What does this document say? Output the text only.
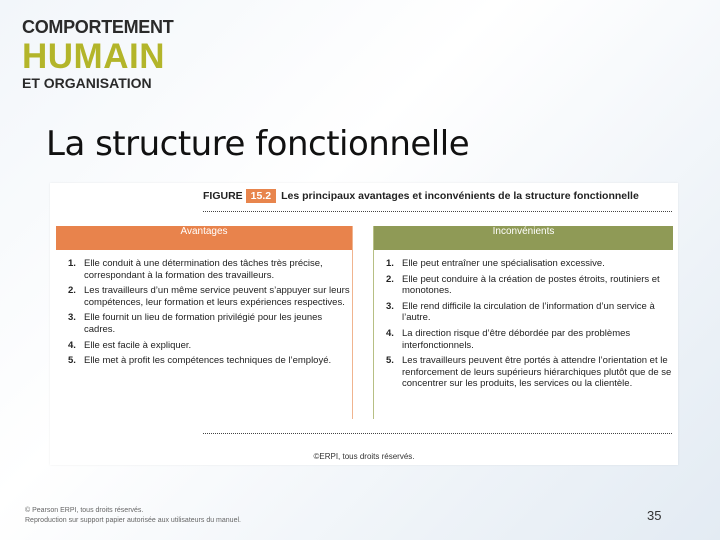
COMPORTEMENT
HUMAIN
ET ORGANISATION
La structure fonctionnelle
FIGURE 15.2 Les principaux avantages et inconvénients de la structure fonctionnelle
Avantages
1. Elle conduit à une détermination des tâches très précise, correspondant à la formation des travailleurs.
2. Les travailleurs d’un même service peuvent s’appuyer sur leurs compétences, leur formation et leurs expériences respectives.
3. Elle fournit un lieu de formation privilégié pour les jeunes cadres.
4. Elle est facile à expliquer.
5. Elle met à profit les compétences techniques de l’employé.
Inconvénients
1. Elle peut entraîner une spécialisation excessive.
2. Elle peut conduire à la création de postes étroits, routiniers et monotones.
3. Elle rend difficile la circulation de l’information d’un service à l’autre.
4. La direction risque d’être débordée par des problèmes interfonctionnels.
5. Les travailleurs peuvent être portés à attendre l’orientation et le renforcement de leurs supérieurs hiérarchiques plutôt que de se concentrer sur les produits, les services ou la clientèle.
©ERPI, tous droits réservés.
© Pearson ERPI, tous droits réservés.
Reproduction sur support papier autorisée aux utilisateurs du manuel.	35
